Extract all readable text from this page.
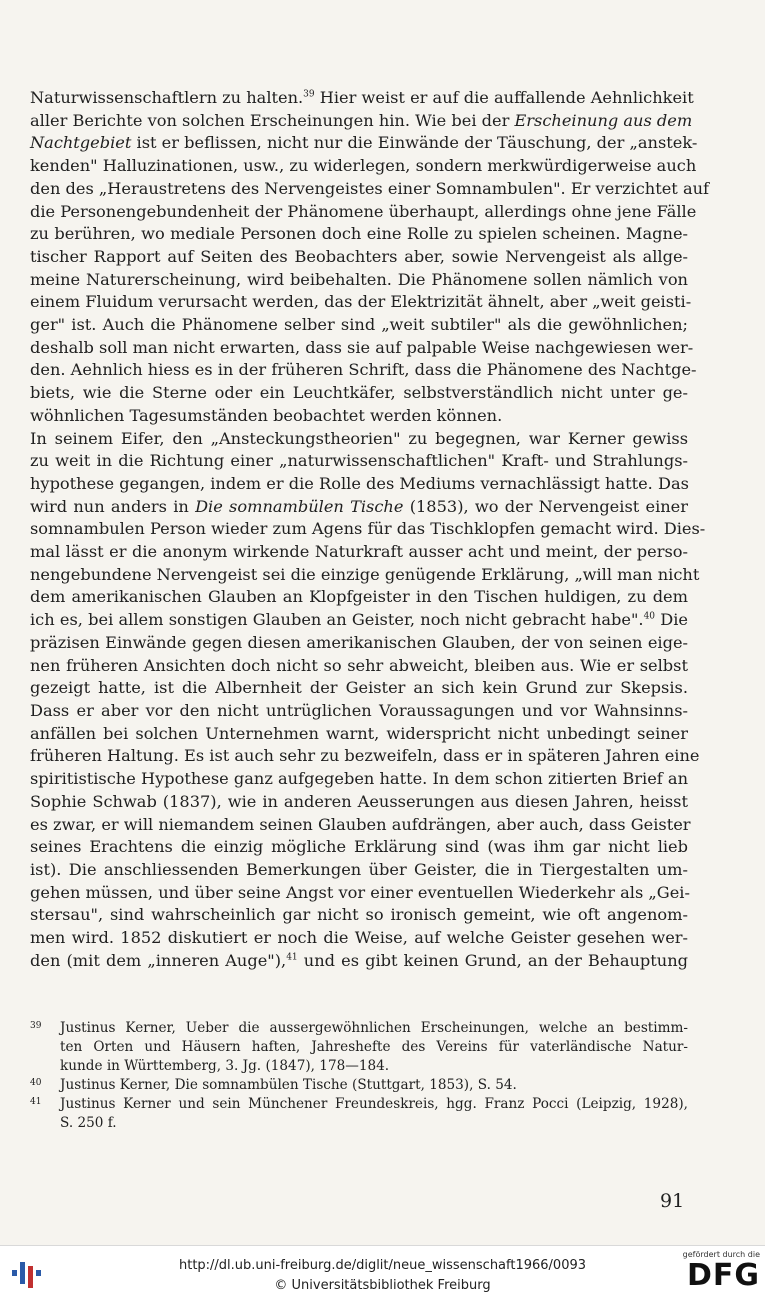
Naturwissenschaftlern zu halten.$^{39}$ Hier weist er auf die auffallende Aehnlichkeit
aller Berichte von solchen Erscheinungen hin. Wie bei der Erscheinung aus dem
Nachtgebiet ist er beflissen, nicht nur die Einwände der Täuschung, der „anstek-
kenden" Halluzinationen, usw., zu widerlegen, sondern merkwürdigerweise auch
den des „Heraustretens des Nervengeistes einer Somnambulen". Er verzichtet auf
die Personengebundenheit der Phänomene überhaupt, allerdings ohne jene Fälle
zu berühren, wo mediale Personen doch eine Rolle zu spielen scheinen. Magne-
tischer Rapport auf Seiten des Beobachters aber, sowie Nervengeist als allge-
meine Naturerscheinung, wird beibehalten. Die Phänomene sollen nämlich von
einem Fluidum verursacht werden, das der Elektrizität ähnelt, aber „weit geisti-
ger" ist. Auch die Phänomene selber sind „weit subtiler" als die gewöhnlichen;
deshalb soll man nicht erwarten, dass sie auf palpable Weise nachgewiesen wer-
den. Aehnlich hiess es in der früheren Schrift, dass die Phänomene des Nachtge-
biets, wie die Sterne oder ein Leuchtkäfer, selbstverständlich nicht unter ge-
wöhnlichen Tagesumständen beobachtet werden können.
In seinem Eifer, den „Ansteckungstheorien" zu begegnen, war Kerner gewiss
zu weit in die Richtung einer „naturwissenschaftlichen" Kraft- und Strahlungs-
hypothese gegangen, indem er die Rolle des Mediums vernachlässigt hatte. Das
wird nun anders in Die somnambülen Tische (1853), wo der Nervengeist einer
somnambulen Person wieder zum Agens für das Tischklopfen gemacht wird. Dies-
mal lässt er die anonym wirkende Naturkraft ausser acht und meint, der perso-
nengebundene Nervengeist sei die einzige genügende Erklärung, „will man nicht
dem amerikanischen Glauben an Klopfgeister in den Tischen huldigen, zu dem
ich es, bei allem sonstigen Glauben an Geister, noch nicht gebracht habe".$^{40}$ Die
präzisen Einwände gegen diesen amerikanischen Glauben, der von seinen eige-
nen früheren Ansichten doch nicht so sehr abweicht, bleiben aus. Wie er selbst
gezeigt hatte, ist die Albernheit der Geister an sich kein Grund zur Skepsis.
Dass er aber vor den nicht untrüglichen Voraussagungen und vor Wahnsinns-
anfällen bei solchen Unternehmen warnt, widerspricht nicht unbedingt seiner
früheren Haltung. Es ist auch sehr zu bezweifeln, dass er in späteren Jahren eine
spiritistische Hypothese ganz aufgegeben hatte. In dem schon zitierten Brief an
Sophie Schwab (1837), wie in anderen Aeusserungen aus diesen Jahren, heisst
es zwar, er will niemandem seinen Glauben aufdrängen, aber auch, dass Geister
seines Erachtens die einzig mögliche Erklärung sind (was ihm gar nicht lieb
ist). Die anschliessenden Bemerkungen über Geister, die in Tiergestalten um-
gehen müssen, und über seine Angst vor einer eventuellen Wiederkehr als „Gei-
stersau", sind wahrscheinlich gar nicht so ironisch gemeint, wie oft angenom-
men wird. 1852 diskutiert er noch die Weise, auf welche Geister gesehen wer-
den (mit dem „inneren Auge"),$^{41}$ und es gibt keinen Grund, an der Behauptung
39 Justinus Kerner, Ueber die aussergewöhnlichen Erscheinungen, welche an bestimm-
ten Orten und Häusern haften, Jahreshefte des Vereins für vaterländische Natur-
kunde in Württemberg, 3. Jg. (1847), 178—184.
40 Justinus Kerner, Die somnambülen Tische (Stuttgart, 1853), S. 54.
41 Justinus Kerner und sein Münchener Freundeskreis, hgg. Franz Pocci (Leipzig, 1928),
S. 250 f.
91
http://dl.ub.uni-freiburg.de/diglit/neue_wissenschaft1966/0093
© Universitätsbibliothek Freiburg
gefördert durch die
DFG
